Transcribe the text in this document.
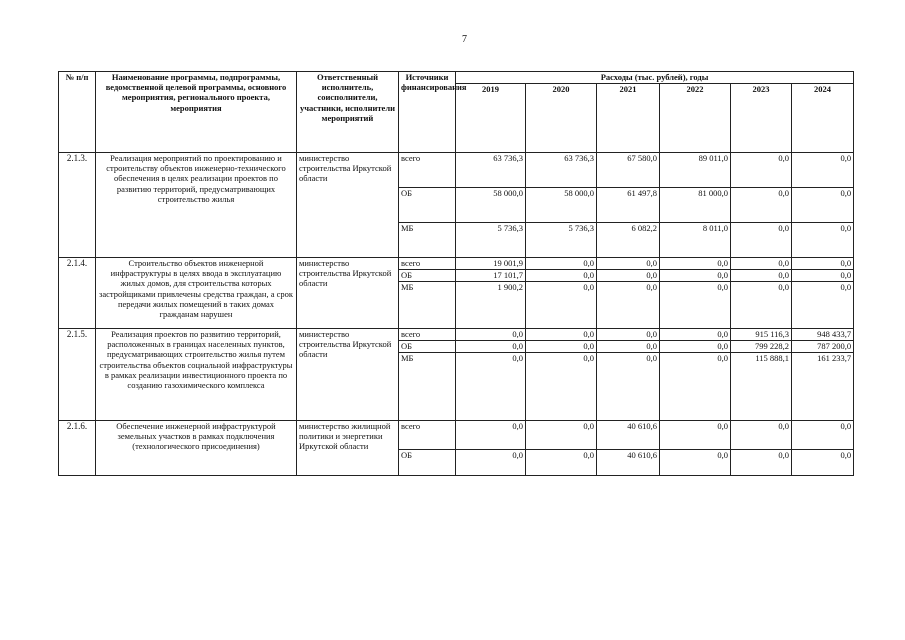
7
№ п/п	Наименование программы, подпрограммы, ведомственной целевой программы, основного мероприятия, регионального проекта, мероприятия	Ответственный исполнитель, соисполнители, участники, исполнители мероприятий	Источники финансирования	Расходы (тыс. рублей), годы					
				2019	2020	2021	2022	2023	2024
2.1.3.	Реализация мероприятий по проектированию и строительству объектов инженерно-технического обеспечения в целях реализации проектов по развитию территорий, предусматривающих строительство жилья	министерство строительства Иркутской области	всего	63 736,3	63 736,3	67 580,0	89 011,0	0,0	0,0
			ОБ	58 000,0	58 000,0	61 497,8	81 000,0	0,0	0,0
			МБ	5 736,3	5 736,3	6 082,2	8 011,0	0,0	0,0
2.1.4.	Строительство объектов инженерной инфраструктуры в целях ввода в эксплуатацию жилых домов, для строительства которых застройщиками привлечены средства граждан, а срок передачи жилых помещений в таких домах гражданам нарушен	министерство строительства Иркутской области	всего	19 001,9	0,0	0,0	0,0	0,0	0,0
			ОБ	17 101,7	0,0	0,0	0,0	0,0	0,0
			МБ	1 900,2	0,0	0,0	0,0	0,0	0,0
2.1.5.	Реализация проектов по развитию территорий, расположенных в границах населенных пунктов, предусматривающих строительство жилья путем строительства объектов социальной инфраструктуры в рамках реализации инвестиционного проекта по созданию газохимического комплекса	министерство строительства Иркутской области	всего	0,0	0,0	0,0	0,0	915 116,3	948 433,7
			ОБ	0,0	0,0	0,0	0,0	799 228,2	787 200,0
			МБ	0,0	0,0	0,0	0,0	115 888,1	161 233,7
2.1.6.	Обеспечение инженерной инфраструктурой земельных участков в рамках подключения (технологического присоединения)	министерство жилищной политики и энергетики Иркутской области	всего	0,0	0,0	40 610,6	0,0	0,0	0,0
			ОБ	0,0	0,0	40 610,6	0,0	0,0	0,0
